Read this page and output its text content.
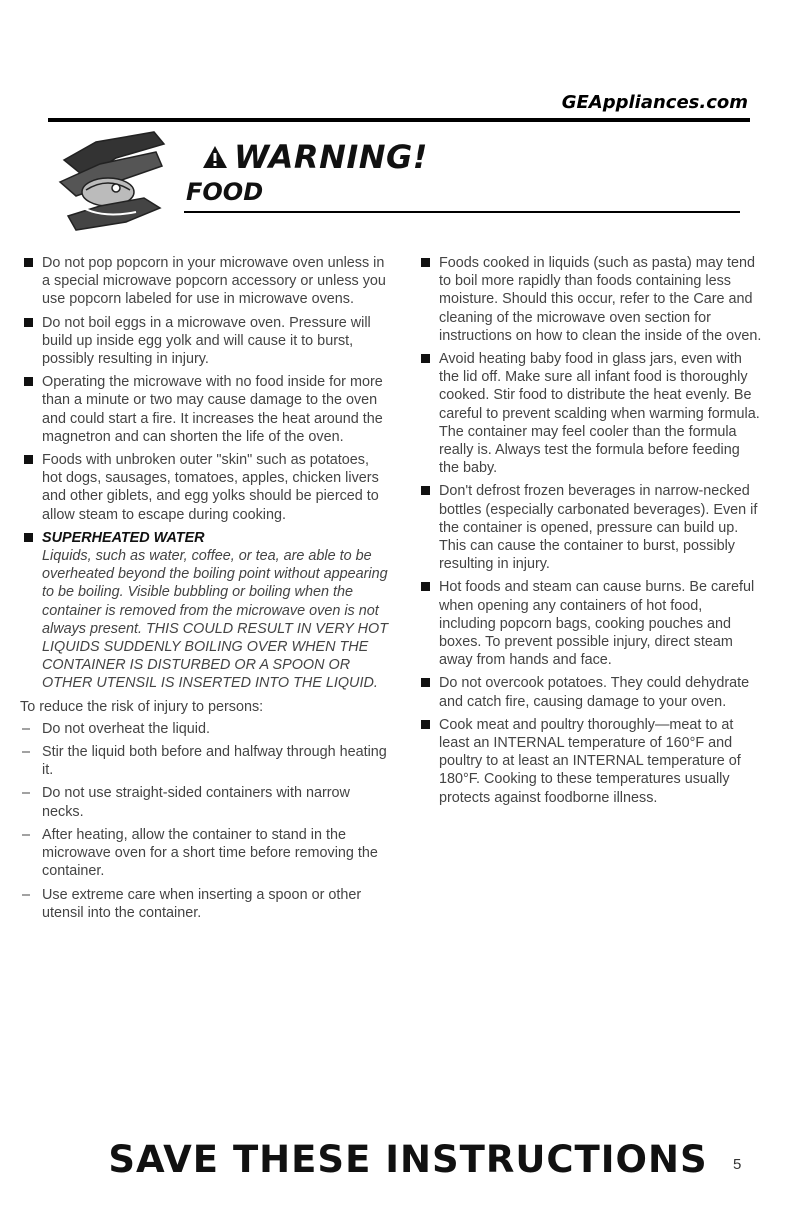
GEAppliances.com
WARNING!
FOOD
Do not pop popcorn in your microwave oven unless in a special microwave popcorn accessory or unless you use popcorn labeled for use in microwave ovens.
Do not boil eggs in a microwave oven. Pressure will build up inside egg yolk and will cause it to burst, possibly resulting in injury.
Operating the microwave with no food inside for more than a minute or two may cause damage to the oven and could start a fire. It increases the heat around the magnetron and can shorten the life of the oven.
Foods with unbroken outer "skin" such as potatoes, hot dogs, sausages, tomatoes, apples, chicken livers and other giblets, and egg yolks should be pierced to allow steam to escape during cooking.
SUPERHEATED WATER
Liquids, such as water, coffee, or tea, are able to be overheated beyond the boiling point without appearing to be boiling. Visible bubbling or boiling when the container is removed from the microwave oven is not always present. THIS COULD RESULT IN VERY HOT LIQUIDS SUDDENLY BOILING OVER WHEN THE CONTAINER IS DISTURBED OR A SPOON OR OTHER UTENSIL IS INSERTED INTO THE LIQUID.
To reduce the risk of injury to persons:
– Do not overheat the liquid.
– Stir the liquid both before and halfway through heating it.
– Do not use straight-sided containers with narrow necks.
– After heating, allow the container to stand in the microwave oven for a short time before removing the container.
– Use extreme care when inserting a spoon or other utensil into the container.
Foods cooked in liquids (such as pasta) may tend to boil more rapidly than foods containing less moisture. Should this occur, refer to the Care and cleaning of the microwave oven section for instructions on how to clean the inside of the oven.
Avoid heating baby food in glass jars, even with the lid off. Make sure all infant food is thoroughly cooked. Stir food to distribute the heat evenly. Be careful to prevent scalding when warming formula. The container may feel cooler than the formula really is. Always test the formula before feeding the baby.
Don't defrost frozen beverages in narrow-necked bottles (especially carbonated beverages). Even if the container is opened, pressure can build up. This can cause the container to burst, possibly resulting in injury.
Hot foods and steam can cause burns. Be careful when opening any containers of hot food, including popcorn bags, cooking pouches and boxes. To prevent possible injury, direct steam away from hands and face.
Do not overcook potatoes. They could dehydrate and catch fire, causing damage to your oven.
Cook meat and poultry thoroughly—meat to at least an INTERNAL temperature of 160°F and poultry to at least an INTERNAL temperature of 180°F. Cooking to these temperatures usually protects against foodborne illness.
SAVE THESE INSTRUCTIONS	5
